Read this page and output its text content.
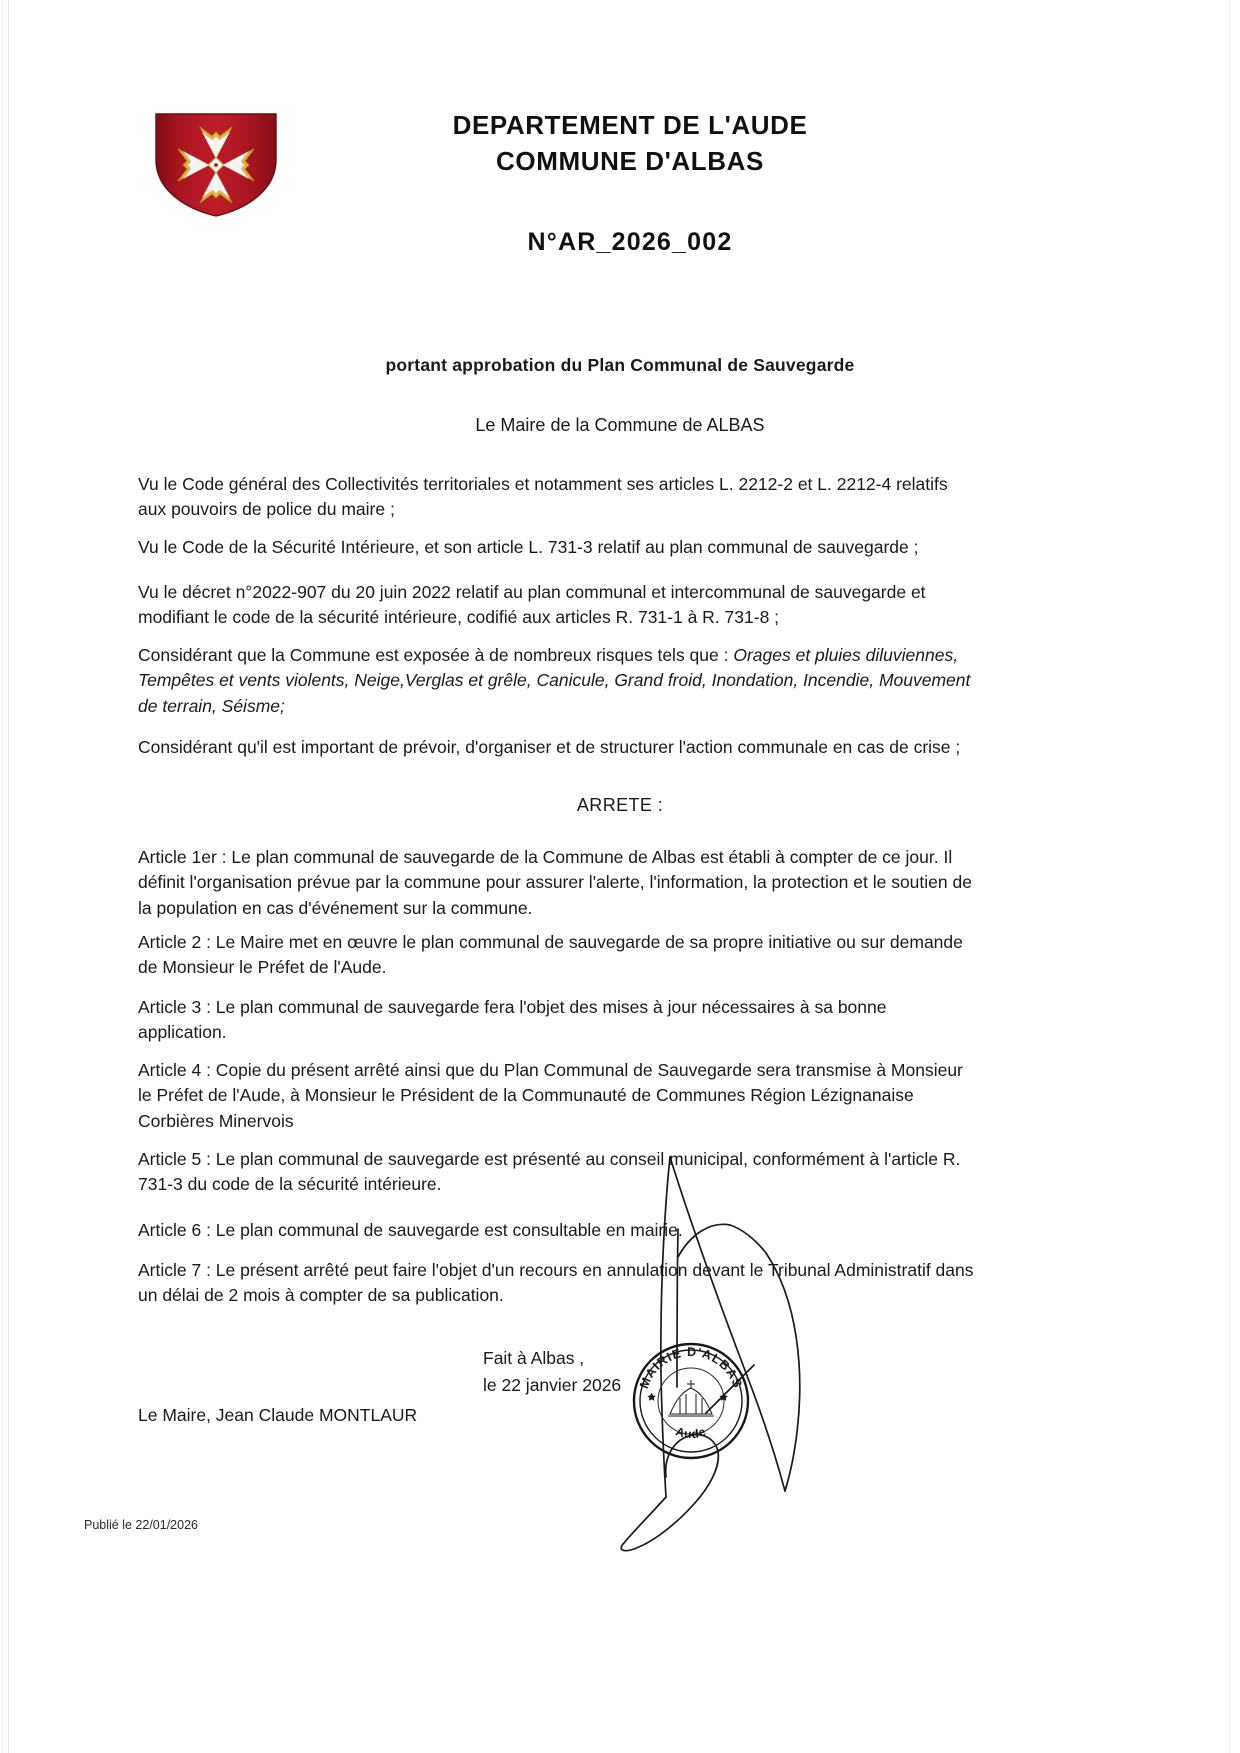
DEPARTEMENT DE L'AUDE
COMMUNE D'ALBAS
N°AR_2026_002
portant approbation du Plan Communal de Sauvegarde
Le Maire de la Commune de ALBAS
Vu le Code général des Collectivités territoriales et notamment ses articles L. 2212-2 et L. 2212-4 relatifs aux pouvoirs de police du maire ;
Vu le Code de la Sécurité Intérieure, et son article L. 731-3 relatif au plan communal de sauvegarde ;
Vu le décret n°2022-907 du 20 juin 2022 relatif au plan communal et intercommunal de sauvegarde et modifiant le code de la sécurité intérieure, codifié aux articles R. 731-1 à R. 731-8 ;
Considérant que la Commune est exposée à de nombreux risques tels que : Orages et pluies diluviennes, Tempêtes et vents violents, Neige,Verglas et grêle, Canicule, Grand froid, Inondation, Incendie, Mouvement de terrain, Séisme;
Considérant qu'il est important de prévoir, d'organiser et de structurer l'action communale en cas de crise ;
ARRETE :
Article 1er : Le plan communal de sauvegarde de la Commune de Albas est établi à compter de ce jour. Il définit l'organisation prévue par la commune pour assurer l'alerte, l'information, la protection et le soutien de la population en cas d'événement sur la commune.
Article 2 : Le Maire met en œuvre le plan communal de sauvegarde de sa propre initiative ou sur demande de Monsieur le Préfet de l'Aude.
Article 3 : Le plan communal de sauvegarde fera l'objet des mises à jour nécessaires à sa bonne application.
Article 4 : Copie du présent arrêté ainsi que du Plan Communal de Sauvegarde sera transmise à Monsieur le Préfet de l'Aude, à Monsieur le Président de la Communauté de Communes Région Lézignanaise Corbières Minervois
Article 5 : Le plan communal de sauvegarde est présenté au conseil municipal, conformément à l'article R. 731-3 du code de la sécurité intérieure.
Article 6 : Le plan communal de sauvegarde est consultable en mairie.
Article 7 : Le présent arrêté peut faire l'objet d'un recours en annulation devant le Tribunal Administratif dans un délai de 2 mois à compter de sa publication.
MAIRIE D'ALBAS
Aude
Fait à Albas ,
le 22 janvier 2026
Le Maire, Jean Claude MONTLAUR
Publié le 22/01/2026
